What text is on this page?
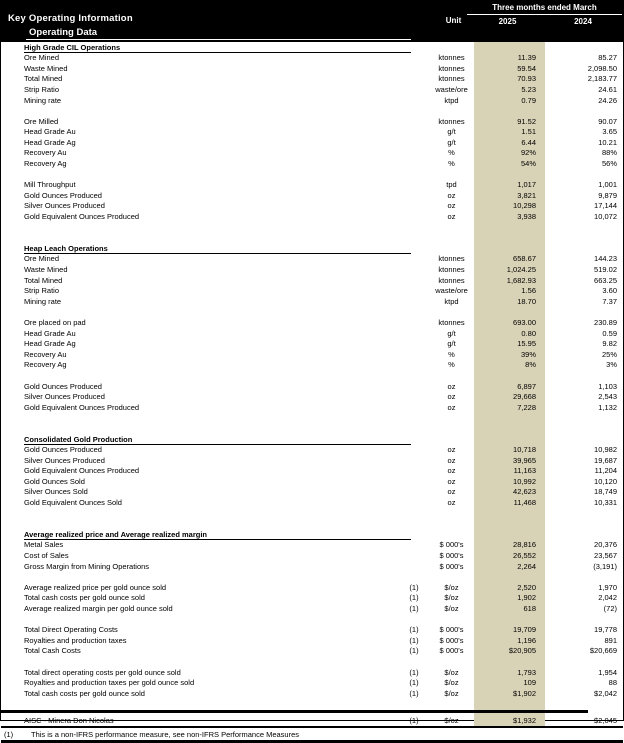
Key Operating Information
Operating Data
Unit
Three months ended March
2025	2024
High Grade CIL Operations
Ore Mined	ktonnes	11.39	85.27
Waste Mined	ktonnes	59.54	2,098.50
Total Mined	ktonnes	70.93	2,183.77
Strip Ratio	waste/ore	5.23	24.61
Mining rate	ktpd	0.79	24.26
Ore Milled	ktonnes	91.52	90.07
Head Grade Au	g/t	1.51	3.65
Head Grade Ag	g/t	6.44	10.21
Recovery Au	%	92%	88%
Recovery Ag	%	54%	56%
Mill Throughput	tpd	1,017	1,001
Gold Ounces Produced	oz	3,821	9,879
Silver Ounces Produced	oz	10,298	17,144
Gold Equivalent Ounces Produced	oz	3,938	10,072
Heap Leach Operations
Ore Mined	ktonnes	658.67	144.23
Waste Mined	ktonnes	1,024.25	519.02
Total Mined	ktonnes	1,682.93	663.25
Strip Ratio	waste/ore	1.56	3.60
Mining rate	ktpd	18.70	7.37
Ore placed on pad	ktonnes	693.00	230.89
Head Grade Au	g/t	0.80	0.59
Head Grade Ag	g/t	15.95	9.82
Recovery Au	%	39%	25%
Recovery Ag	%	8%	3%
Gold Ounces Produced	oz	6,897	1,103
Silver Ounces Produced	oz	29,668	2,543
Gold Equivalent Ounces Produced	oz	7,228	1,132
Consolidated Gold Production
Gold Ounces Produced	oz	10,718	10,982
Silver Ounces Produced	oz	39,965	19,687
Gold Equivalent Ounces Produced	oz	11,163	11,204
Gold Ounces Sold	oz	10,992	10,120
Silver Ounces Sold	oz	42,623	18,749
Gold Equivalent Ounces Sold	oz	11,468	10,331
Average realized price and Average realized margin
Metal Sales	$ 000's	28,816	20,376
Cost of Sales	$ 000's	26,552	23,567
Gross Margin from Mining Operations	$ 000's	2,264	(3,191)
Average realized price per gold ounce sold	(1)	$/oz	2,520	1,970
Total cash costs per gold ounce sold	(1)	$/oz	1,902	2,042
Average realized margin per gold ounce sold	(1)	$/oz	618	(72)
Total Direct Operating Costs	(1)	$ 000's	19,709	19,778
Royalties and production taxes	(1)	$ 000's	1,196	891
Total Cash Costs	(1)	$ 000's	$20,905	$20,669
Total direct operating costs per gold ounce sold	(1)	$/oz	1,793	1,954
Royalties and production taxes per gold ounce sold	(1)	$/oz	109	88
Total cash costs per gold ounce sold	(1)	$/oz	$1,902	$2,042
AISC - Minera Don Nicolas	(1)	$/oz	$1,932	$2,045
(1)	This is a non-IFRS performance measure, see non-IFRS Performance Measures
